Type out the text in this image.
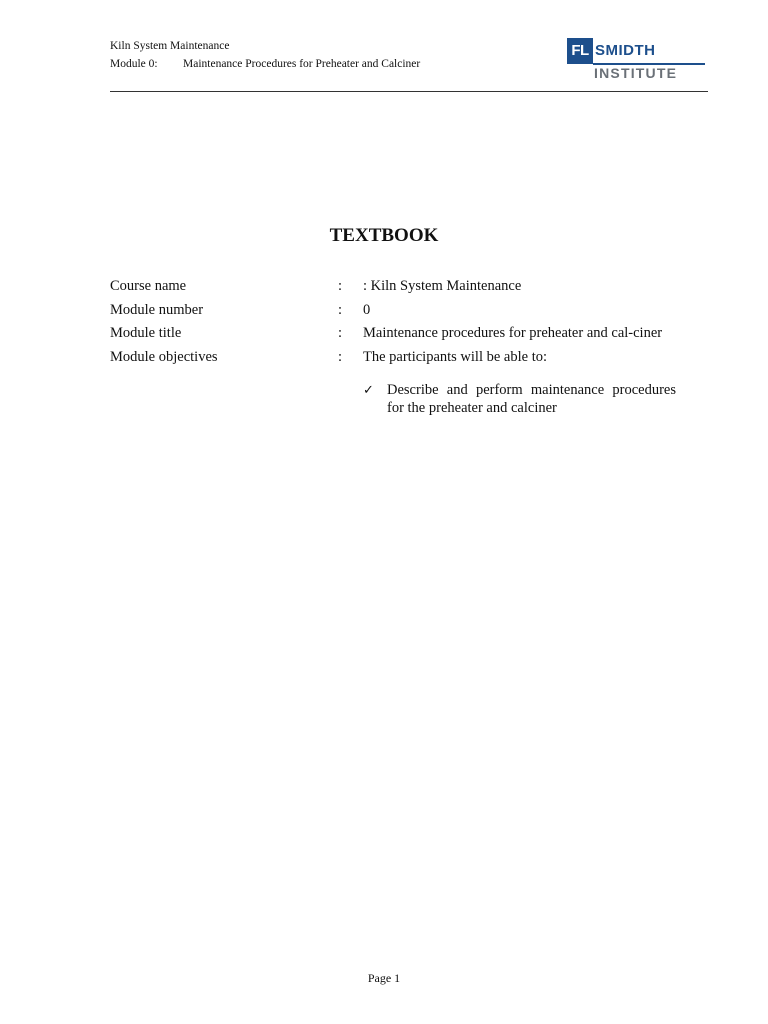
Kiln System Maintenance
Module 0: Maintenance Procedures for Preheater and Calciner
FL SMIDTH
INSTITUTE
TEXTBOOK
Course name	:	: Kiln System Maintenance
Module number	:	0
Module title	:	Maintenance procedures for preheater and cal-ciner
Module objectives	:	The participants will be able to:
✓ Describe and perform maintenance procedures for the preheater and calciner
Page 1
